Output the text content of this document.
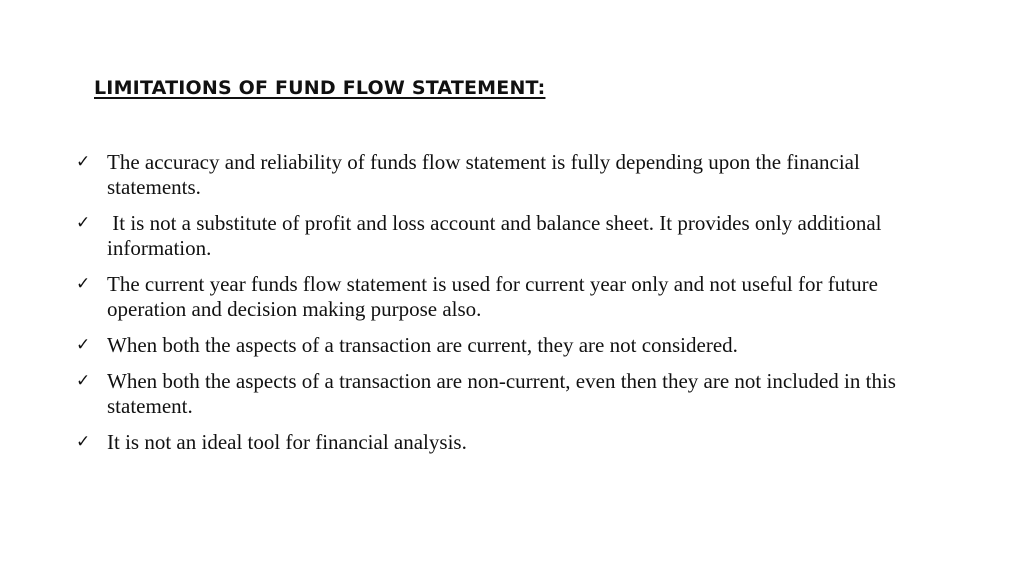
LIMITATIONS OF FUND FLOW STATEMENT:
✓ The accuracy and reliability of funds flow statement is fully depending upon the financial statements.
✓ It is not a substitute of profit and loss account and balance sheet. It provides only additional information.
✓ The current year funds flow statement is used for current year only and not useful for future operation and decision making purpose also.
✓ When both the aspects of a transaction are current, they are not considered.
✓ When both the aspects of a transaction are non-current, even then they are not included in this statement.
✓ It is not an ideal tool for financial analysis.
